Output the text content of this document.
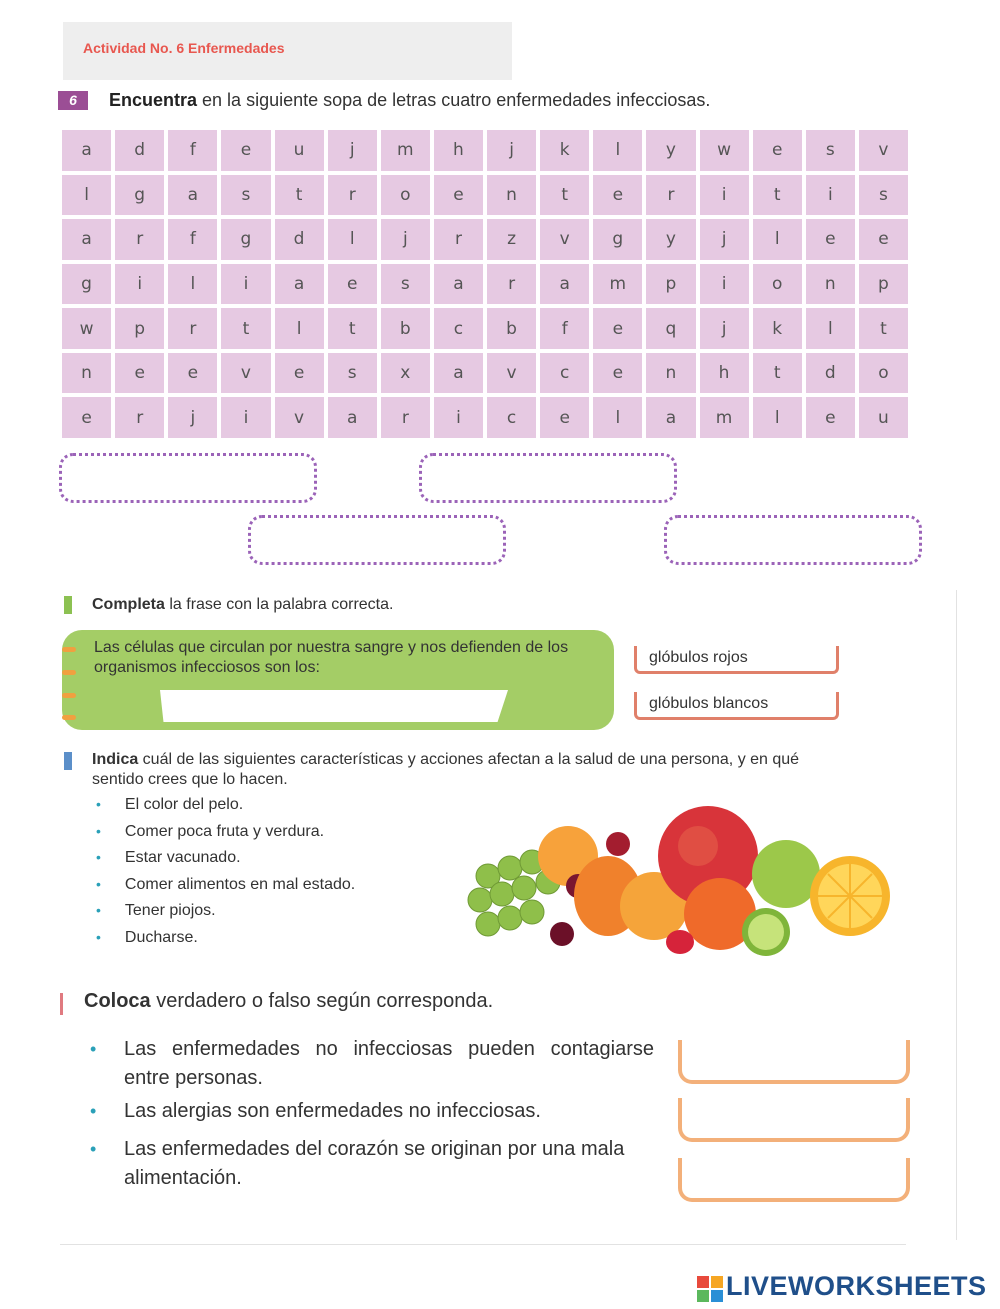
Actividad No. 6 Enfermedades
6	Encuentra en la siguiente sopa de letras cuatro enfermedades infecciosas.
a	d	f	e	u	j	m	h	j	k	l	y	w	e	s	v
l	g	a	s	t	r	o	e	n	t	e	r	i	t	i	s
a	r	f	g	d	l	j	r	z	v	g	y	j	l	e	e
g	i	l	i	a	e	s	a	r	a	m	p	i	o	n	p
w	p	r	t	l	t	b	c	b	f	e	q	j	k	l	t
n	e	e	v	e	s	x	a	v	c	e	n	h	t	d	o
e	r	j	i	v	a	r	i	c	e	l	a	m	l	e	u
Completa la frase con la palabra correcta.
Las células que circulan por nuestra sangre y nos defienden de los organismos infecciosos son los:
glóbulos rojos
glóbulos blancos
Indica cuál de las siguientes características y acciones afectan a la salud de una persona, y en qué sentido crees que lo hacen.
• El color del pelo.
• Comer poca fruta y verdura.
• Estar vacunado.
• Comer alimentos en mal estado.
• Tener piojos.
• Ducharse.
Coloca verdadero o falso según corresponda.
•	Las enfermedades no infecciosas pueden contagiarse entre personas.
•	Las alergias son enfermedades no infecciosas.
•	Las enfermedades del corazón se originan por una mala alimentación.
LIVEWORKSHEETS
